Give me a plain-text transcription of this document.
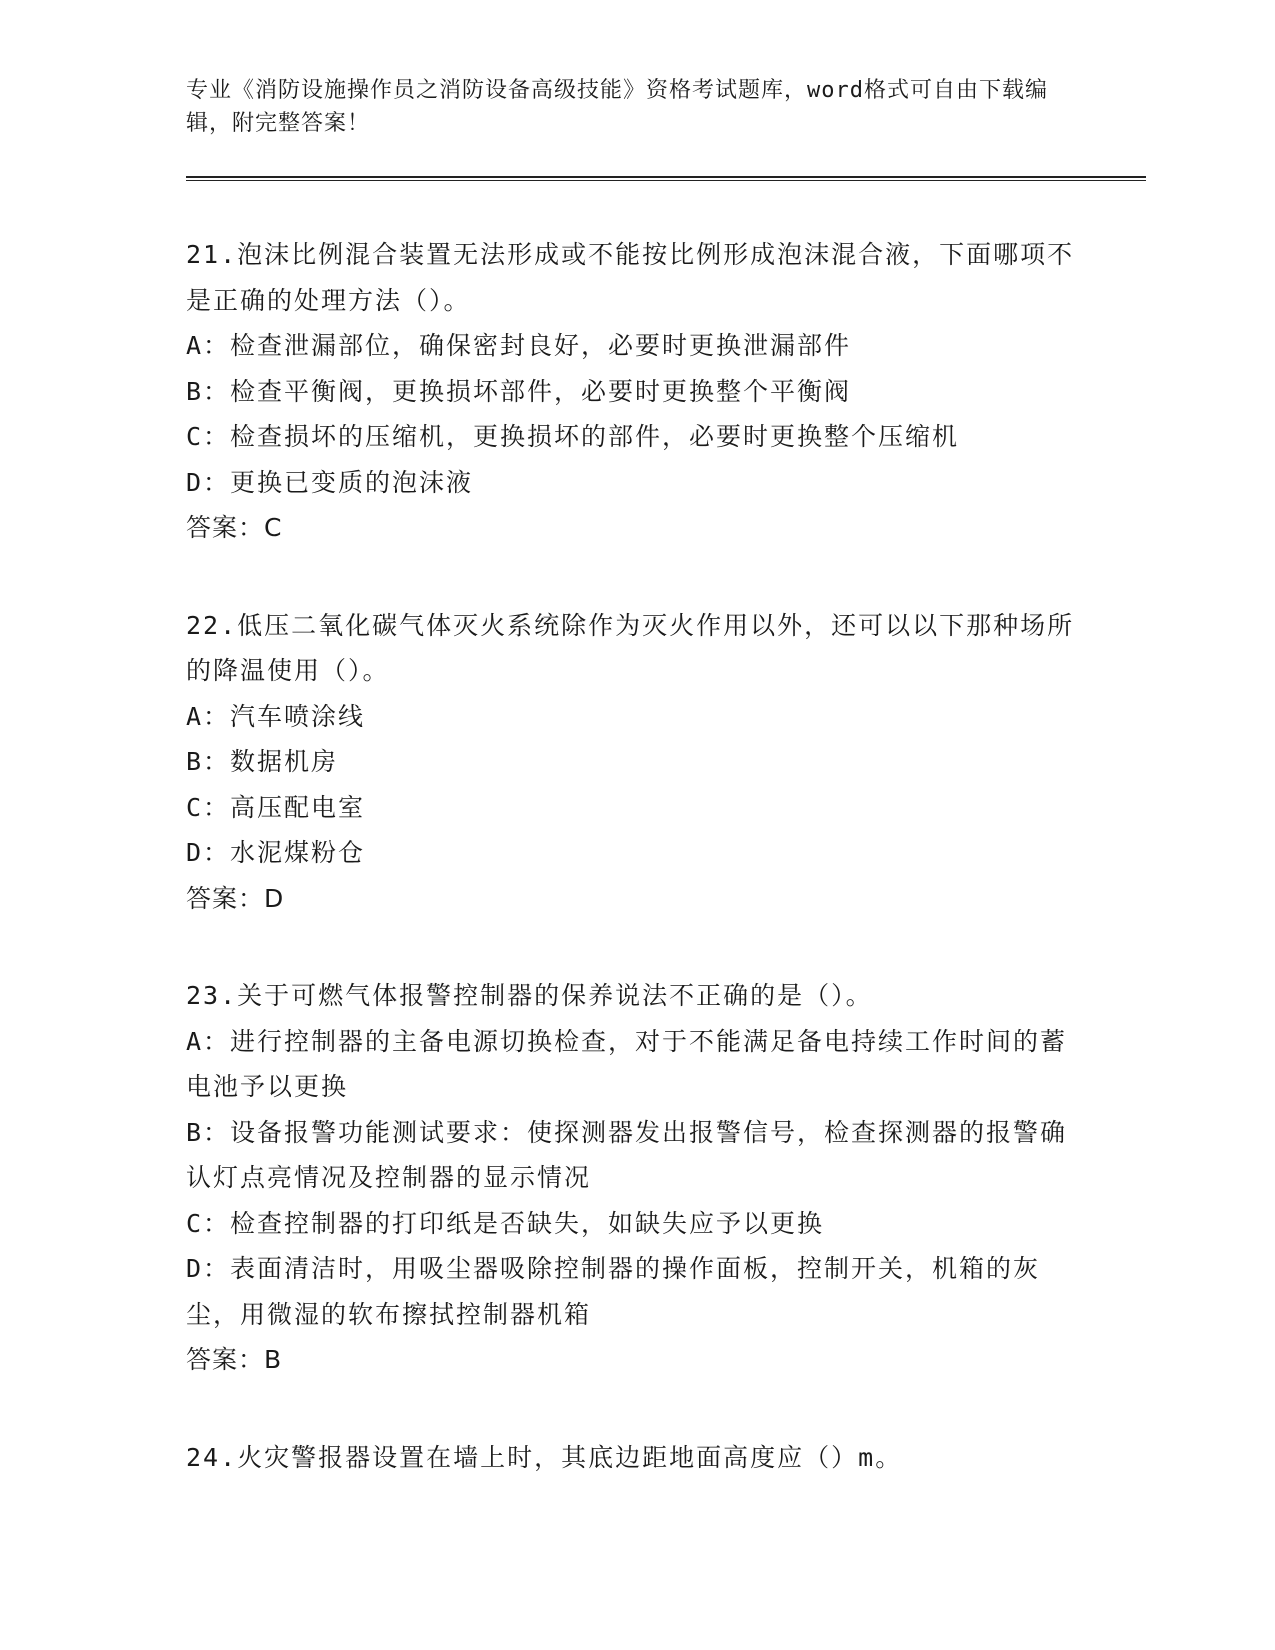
专业《消防设施操作员之消防设备高级技能》资格考试题库，word格式可自由下载编辑，附完整答案！
21.泡沫比例混合装置无法形成或不能按比例形成泡沫混合液，下面哪项不是正确的处理方法（）。
A：检查泄漏部位，确保密封良好，必要时更换泄漏部件
B：检查平衡阀，更换损坏部件，必要时更换整个平衡阀
C：检查损坏的压缩机，更换损坏的部件，必要时更换整个压缩机
D：更换已变质的泡沫液
答案：C
22.低压二氧化碳气体灭火系统除作为灭火作用以外，还可以以下那种场所的降温使用（）。
A：汽车喷涂线
B：数据机房
C：高压配电室
D：水泥煤粉仓
答案：D
23.关于可燃气体报警控制器的保养说法不正确的是（）。
A：进行控制器的主备电源切换检查，对于不能满足备电持续工作时间的蓄电池予以更换
B：设备报警功能测试要求：使探测器发出报警信号，检查探测器的报警确认灯点亮情况及控制器的显示情况
C：检查控制器的打印纸是否缺失，如缺失应予以更换
D：表面清洁时，用吸尘器吸除控制器的操作面板，控制开关，机箱的灰尘，用微湿的软布擦拭控制器机箱
答案：B
24.火灾警报器设置在墙上时，其底边距地面高度应（）m。
